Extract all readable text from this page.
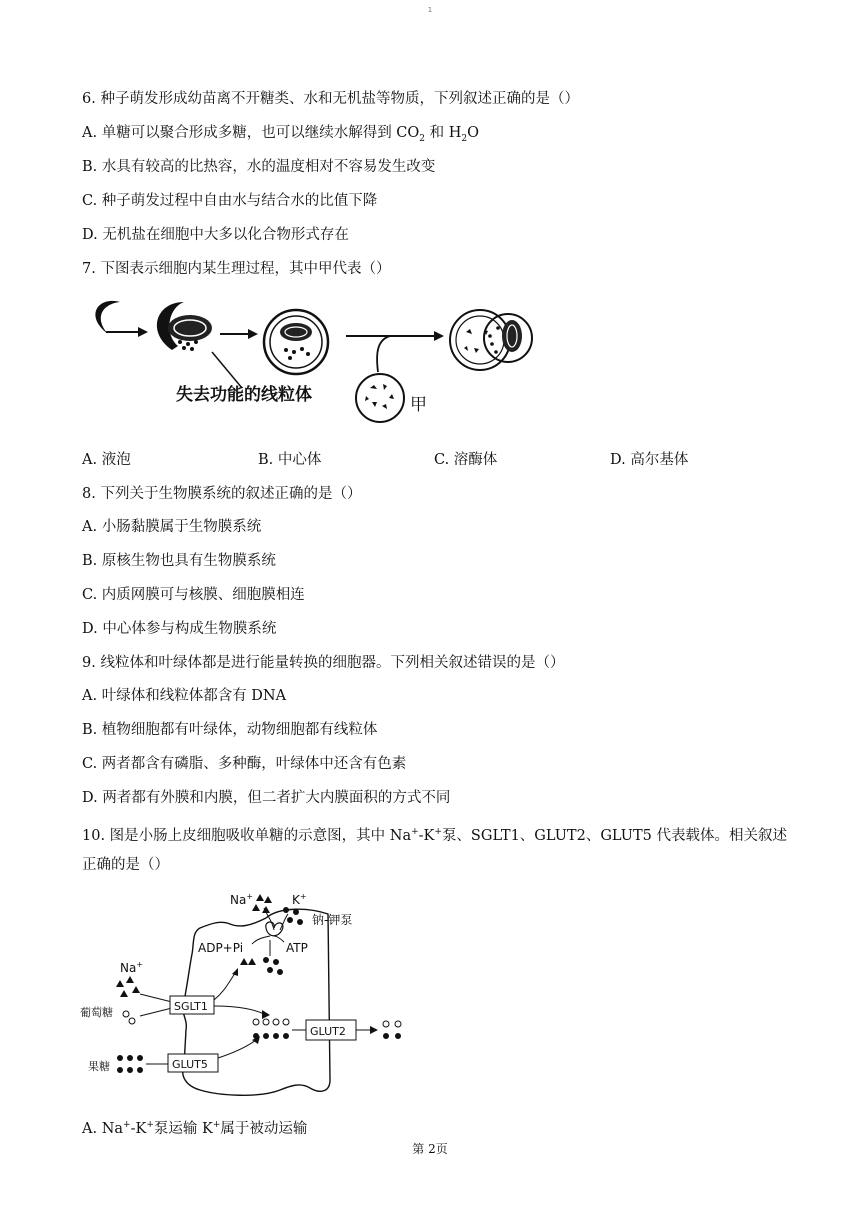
1
6. 种子萌发形成幼苗离不开糖类、水和无机盐等物质，下列叙述正确的是（）
A. 单糖可以聚合形成多糖，也可以继续水解得到 $CO_2$ 和 $H_2O$
B. 水具有较高的比热容，水的温度相对不容易发生改变
C. 种子萌发过程中自由水与结合水的比值下降
D. 无机盐在细胞中大多以化合物形式存在
7. 下图表示细胞内某生理过程，其中甲代表（）
失去功能的线粒体	甲
A. 液泡	B. 中心体	C. 溶酶体	D. 高尔基体
8. 下列关于生物膜系统的叙述正确的是（）
A. 小肠黏膜属于生物膜系统
B. 原核生物也具有生物膜系统
C. 内质网膜可与核膜、细胞膜相连
D. 中心体参与构成生物膜系统
9. 线粒体和叶绿体都是进行能量转换的细胞器。下列相关叙述错误的是（）
A. 叶绿体和线粒体都含有 DNA
B. 植物细胞都有叶绿体，动物细胞都有线粒体
C. 两者都含有磷脂、多种酶，叶绿体中还含有色素
D. 两者都有外膜和内膜，但二者扩大内膜面积的方式不同
10. 图是小肠上皮细胞吸收单糖的示意图，其中 Na+-K+泵、SGLT1、GLUT2、GLUT5 代表载体。相关叙述
正确的是（）
Na+	K+
钠-钾泵
ADP+Pi	ATP
Na+
葡萄糖	SGLT1
GLUT2
果糖	GLUT5
A. Na+-K+泵运输 K+属于被动运输
第 2页
